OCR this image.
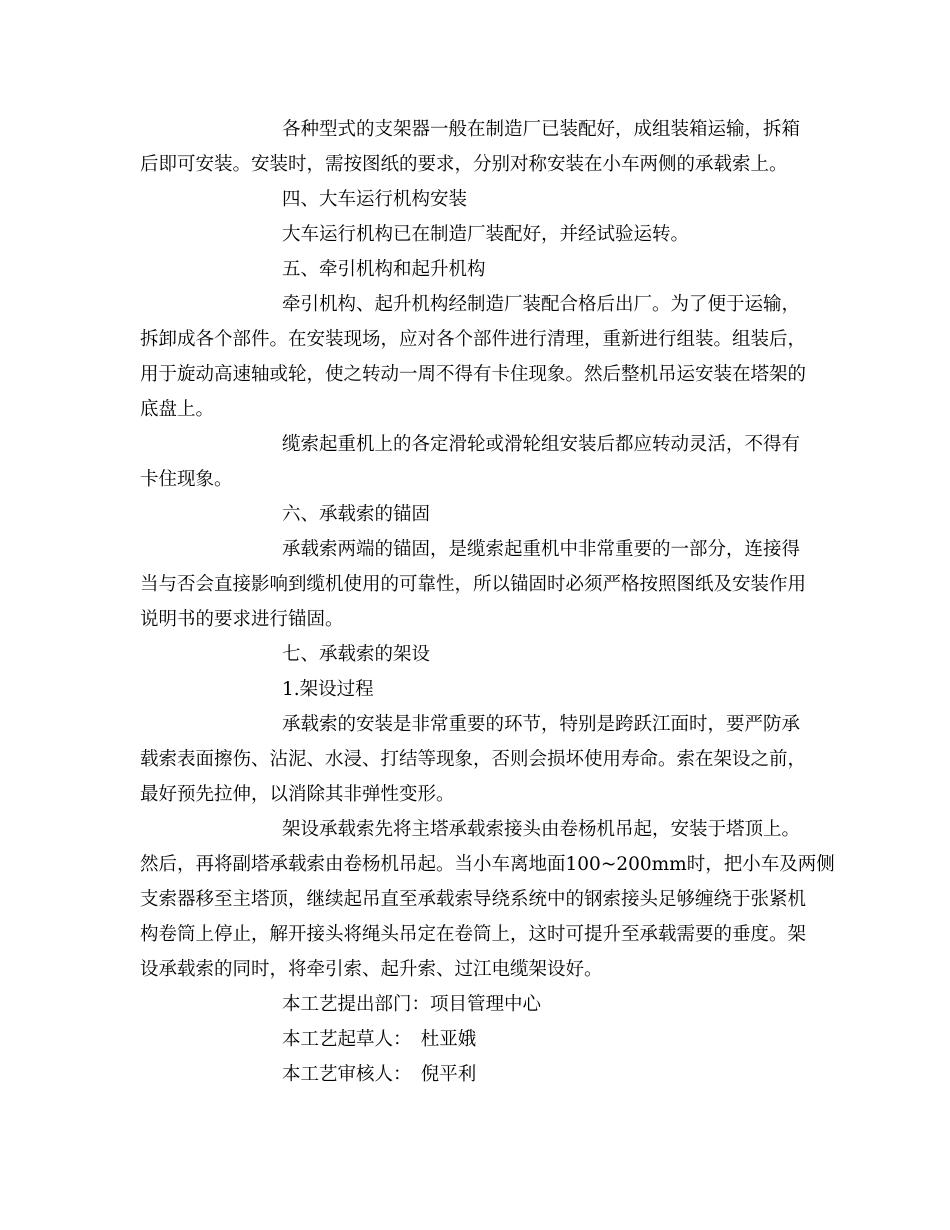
各种型式的支架器一般在制造厂已装配好，成组装箱运输，拆箱
后即可安装。安装时，需按图纸的要求，分别对称安装在小车两侧的承载索上。
四、大车运行机构安装
大车运行机构已在制造厂装配好，并经试验运转。
五、牵引机构和起升机构
牵引机构、起升机构经制造厂装配合格后出厂。为了便于运输，
拆卸成各个部件。在安装现场，应对各个部件进行清理，重新进行组装。组装后，
用于旋动高速轴或轮，使之转动一周不得有卡住现象。然后整机吊运安装在塔架的
底盘上。
缆索起重机上的各定滑轮或滑轮组安装后都应转动灵活，不得有
卡住现象。
六、承载索的锚固
承载索两端的锚固，是缆索起重机中非常重要的一部分，连接得
当与否会直接影响到缆机使用的可靠性，所以锚固时必须严格按照图纸及安装作用
说明书的要求进行锚固。
七、承载索的架设
1.架设过程
承载索的安装是非常重要的环节，特别是跨跃江面时，要严防承
载索表面擦伤、沾泥、水浸、打结等现象，否则会损坏使用寿命。索在架设之前，
最好预先拉伸，以消除其非弹性变形。
架设承载索先将主塔承载索接头由卷杨机吊起，安装于塔顶上。
然后，再将副塔承载索由卷杨机吊起。当小车离地面100~200mm时，把小车及两侧
支索器移至主塔顶，继续起吊直至承载索导绕系统中的钢索接头足够缠绕于张紧机
构卷筒上停止，解开接头将绳头吊定在卷筒上，这时可提升至承载需要的垂度。架
设承载索的同时，将牵引索、起升索、过江电缆架设好。
本工艺提出部门：项目管理中心
本工艺起草人：　杜亚娥
本工艺审核人：　倪平利
